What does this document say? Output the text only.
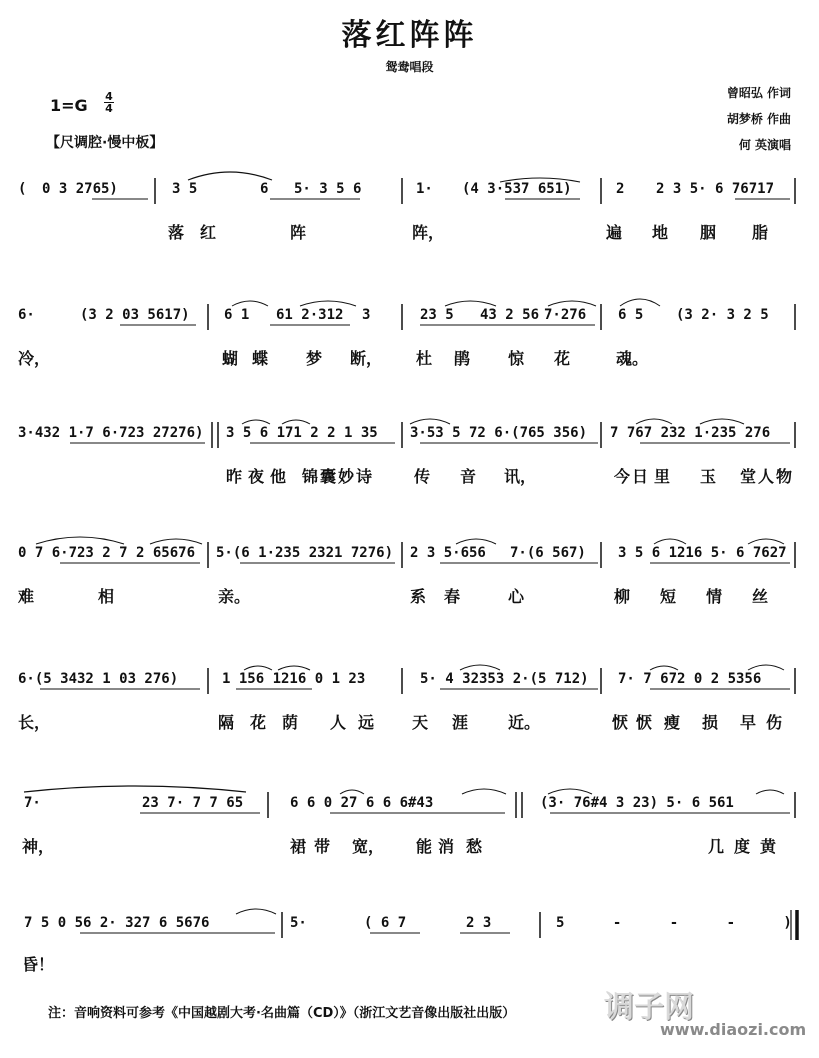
落红阵阵
鸳鸯唱段
1=G 4
4
【尺调腔·慢中板】
曾昭弘 作词
胡梦桥 作曲
何 英演唱
( 0 3 2765)	3 5	6 5· 3 5 6	1· (4 3·537 651)	2 2 3 5· 6 76717
落 红	阵	阵，	遍 地 胭 脂
6·	(3 2 03 5617) 6 1 61 2·312 3	23 5 43 2 56 7·276 6 5 (3 2· 3 2 5
冷，	蝴 蝶 梦 断， 杜 鹃 惊 花	魂。
3·432 1·7 6·723 27276) 3 5 6 171 2 2 1 35 3·53 5 72 6·(765 356) 7 767 232 1·235 276
昨 夜 他 锦 囊 妙 诗	传 音 讯，	今 日 里 玉 堂 人 物
0 7 6·723 2 7 2 65676 5·(6 1·235 2321 7276) 2 3 5·656 7·(6 567) 3 5 6 1216 5· 6 7627
难	相	亲。	系 春	心	柳 短 情 丝
6·(5 3432 1 03 276)	1 156 1216 0 1 23	5· 4 32353 2·(5 712) 7· 7 672 0 2 5356
长，	隔 花 荫 人 远 天 涯 近。	恹 恹 瘦 损 早 伤
7·	23 7· 7 7 65	6 6 0 27 6 6 6#43	(3· 76#4 3 23) 5· 6 561
神，	裙 带 宽， 能 消 愁	几 度 黄
7 5 0 56 2· 327 6 5676	5·	( 6 7	2 3	5 - - - )
昏！
注：音响资料可参考《中国越剧大考·名曲篇（CD）》（浙江文艺音像出版社出版）	调子网
www.diaozi.com
